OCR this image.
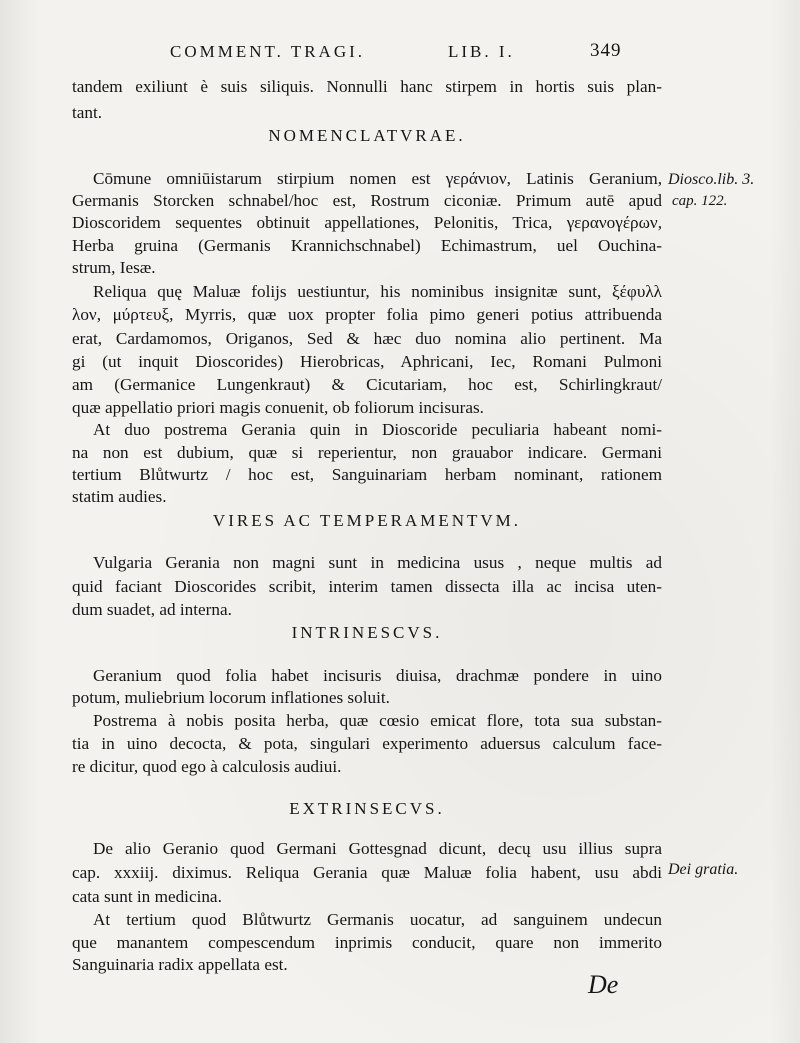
COMMENT. TRAGI.	LIB. I.	349
tandem exiliunt è suis siliquis. Nonnulli hanc stirpem in hortis suis plan-
tant.
NOMENCLATVRAE.
Cōmune omniūistarum stirpium nomen est γεράνιον, Latinis Geranium,
Germanis Storcken schnabel/hoc est, Rostrum ciconiæ. Primum autē apud
Dioscoridem sequentes obtinuit appellationes, Pelonitis, Trica, γερανογέρων,
Herba gruina (Germanis Krannichschnabel) Echimastrum, uel Ouchina-
strum, Iesæ.
Reliqua quę Maluæ folijs uestiuntur, his nominibus insignitæ sunt, ξέφυλλ
λον, μύρτευξ, Myrris, quæ uox propter folia pimo generi potius attribuenda
erat, Cardamomos, Origanos, Sed & hæc duo nomina alio pertinent. Ma
gi (ut inquit Dioscorides) Hierobricas, Aphricani, Iec, Romani Pulmoni
am (Germanice Lungenkraut) & Cicutariam, hoc est, Schirlingkraut/
quæ appellatio priori magis conuenit, ob foliorum incisuras.
At duo postrema Gerania quin in Dioscoride peculiaria habeant nomi-
na non est dubium, quæ si reperientur, non grauabor indicare. Germani
tertium Blůtwurtz / hoc est, Sanguinariam herbam nominant, rationem
statim audies.
VIRES AC TEMPERAMENTVM.
Vulgaria Gerania non magni sunt in medicina usus , neque multis ad
quid faciant Dioscorides scribit, interim tamen dissecta illa ac incisa uten-
dum suadet, ad interna.
INTRINESCVS.
Geranium quod folia habet incisuris diuisa, drachmæ pondere in uino
potum, muliebrium locorum inflationes soluit.
Postrema à nobis posita herba, quæ cœsio emicat flore, tota sua substan-
tia in uino decocta, & pota, singulari experimento aduersus calculum face-
re dicitur, quod ego à calculosis audiui.
EXTRINSECVS.
De alio Geranio quod Germani Gottesgnad dicunt, decų usu illius supra
cap. xxxiij. diximus. Reliqua Gerania quæ Maluæ folia habent, usu abdi
cata sunt in medicina.
At tertium quod Blůtwurtz Germanis uocatur, ad sanguinem undecun
que manantem compescendum inprimis conducit, quare non immerito
Sanguinaria radix appellata est.
De
Diosco.lib. 3.
cap. 122.
Dei gratia.
